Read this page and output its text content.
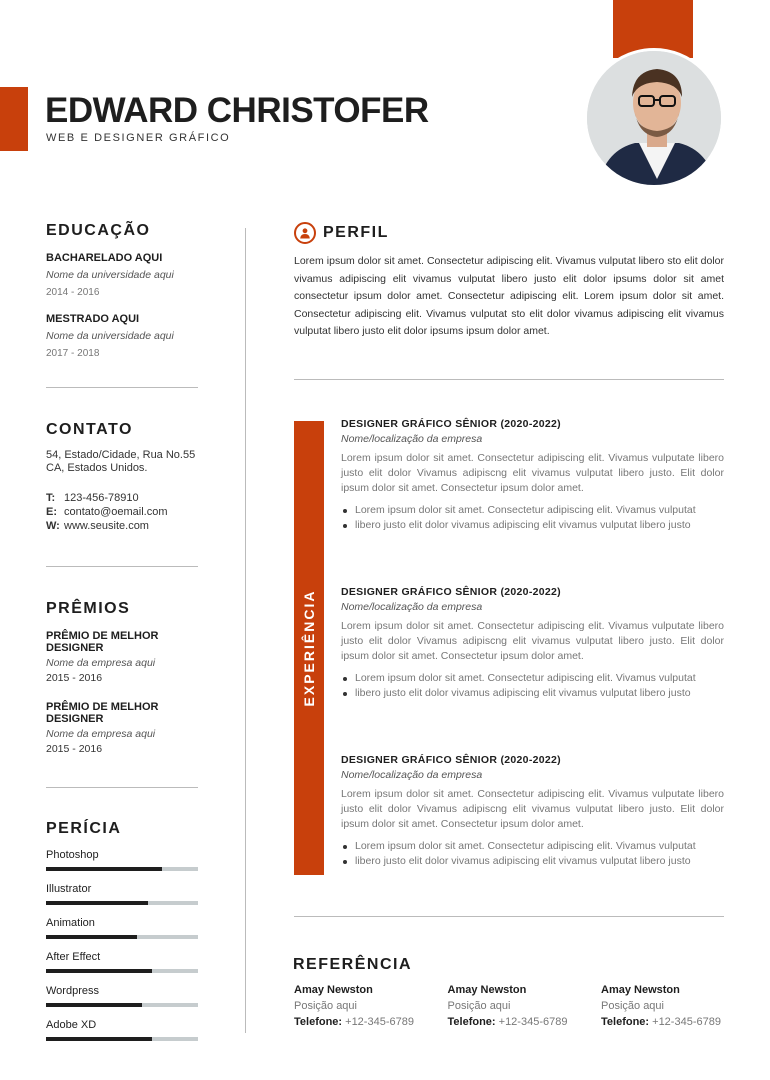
EDWARD CHRISTOFER
WEB E DESIGNER GRÁFICO
EDUCAÇÃO
BACHARELADO AQUI
Nome da universidade aqui
2014 - 2016
MESTRADO AQUI
Nome da universidade aqui
2017 - 2018
CONTATO
54, Estado/Cidade, Rua No.55 CA, Estados Unidos.
T: 123-456-78910
E: contato@oemail.com
W: www.seusite.com
PRÊMIOS
PRÊMIO DE MELHOR DESIGNER
Nome da empresa aqui
2015 - 2016
PRÊMIO DE MELHOR DESIGNER
Nome da empresa aqui
2015 - 2016
PERÍCIA
Photoshop
Illustrator
Animation
After Effect
Wordpress
Adobe XD
PERFIL
Lorem ipsum dolor sit amet. Consectetur adipiscing elit. Vivamus vulputat libero sto elit dolor vivamus adipiscing elit vivamus vulputat libero justo elit dolor ipsums dolor sit amet consectetur ipsum dolor amet. Consectetur adipiscing elit. Lorem ipsum dolor sit amet. Consectetur adipiscing elit. Vivamus vulputat sto elit dolor vivamus adipiscing elit vivamus vulputat libero justo elit dolor ipsums ipsum dolor amet.
EXPERIÊNCIA
DESIGNER GRÁFICO SÊNIOR (2020-2022)
Nome/localização da empresa
Lorem ipsum dolor sit amet. Consectetur adipiscing elit. Vivamus vulputate libero justo elit dolor Vivamus adipiscng elit vivamus vulputat libero justo. Elit dolor ipsum dolor sit amet. Consectetur ipsum dolor amet.
Lorem ipsum dolor sit amet. Consectetur adipiscing elit. Vivamus vulputat
libero justo elit dolor vivamus adipiscing elit vivamus vulputat libero justo
DESIGNER GRÁFICO SÊNIOR (2020-2022)
Nome/localização da empresa
Lorem ipsum dolor sit amet. Consectetur adipiscing elit. Vivamus vulputate libero justo elit dolor Vivamus adipiscng elit vivamus vulputat libero justo. Elit dolor ipsum dolor sit amet. Consectetur ipsum dolor amet.
Lorem ipsum dolor sit amet. Consectetur adipiscing elit. Vivamus vulputat
libero justo elit dolor vivamus adipiscing elit vivamus vulputat libero justo
DESIGNER GRÁFICO SÊNIOR (2020-2022)
Nome/localização da empresa
Lorem ipsum dolor sit amet. Consectetur adipiscing elit. Vivamus vulputate libero justo elit dolor Vivamus adipiscng elit vivamus vulputat libero justo. Elit dolor ipsum dolor sit amet. Consectetur ipsum dolor amet.
Lorem ipsum dolor sit amet. Consectetur adipiscing elit. Vivamus vulputat
libero justo elit dolor vivamus adipiscing elit vivamus vulputat libero justo
REFERÊNCIA
Amay Newston
Posição aqui
Telefone: +12-345-6789
Amay Newston
Posição aqui
Telefone: +12-345-6789
Amay Newston
Posição aqui
Telefone: +12-345-6789
